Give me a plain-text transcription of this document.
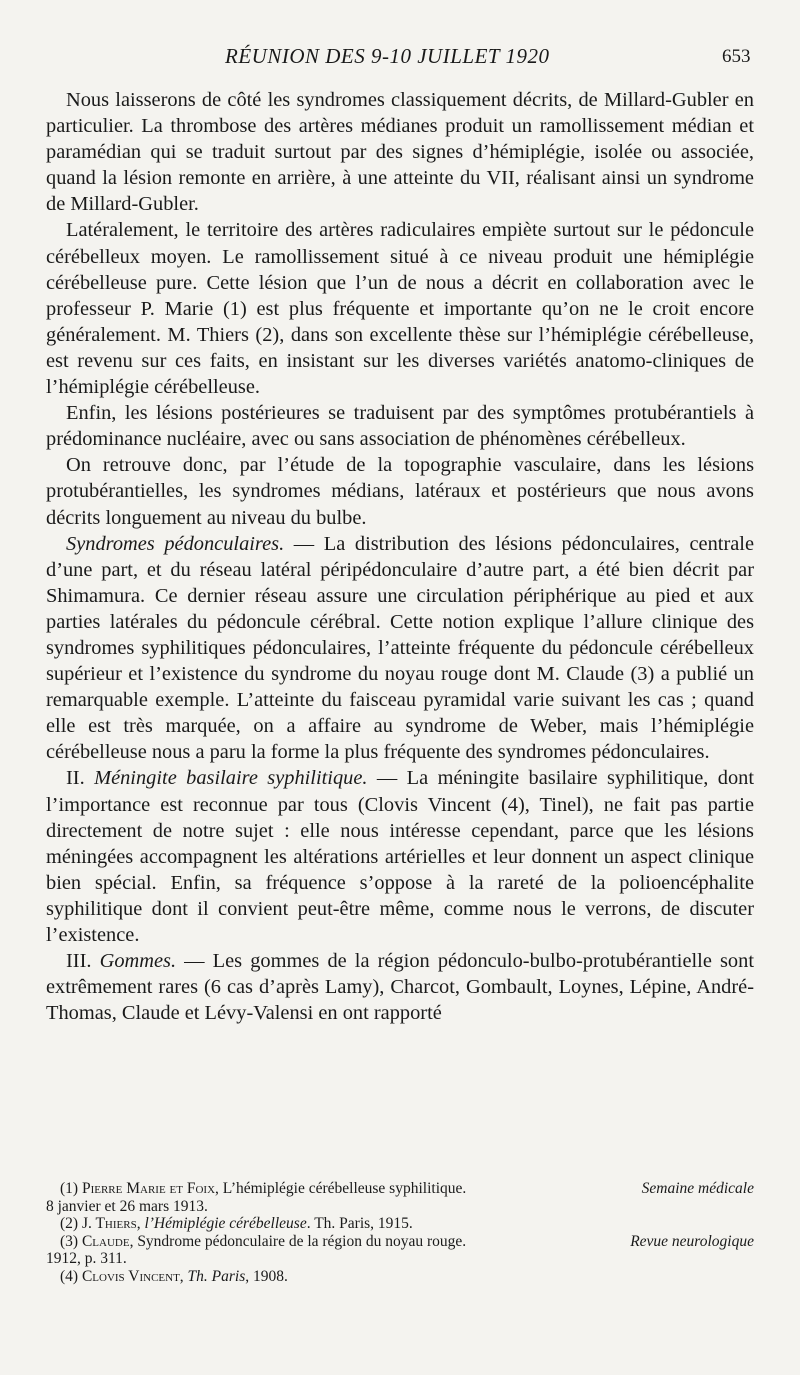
RÉUNION DES 9-10 JUILLET 1920	653

Nous laisserons de côté les syndromes classiquement décrits, de Millard-Gubler en particulier. La thrombose des artères médianes produit un ramollissement médian et paramédian qui se traduit surtout par des signes d’hémiplégie, isolée ou associée, quand la lésion remonte en arrière, à une atteinte du VII, réalisant ainsi un syndrome de Millard-Gubler.

Latéralement, le territoire des artères radiculaires empiète surtout sur le pédoncule cérébelleux moyen. Le ramollissement situé à ce niveau produit une hémiplégie cérébelleuse pure. Cette lésion que l’un de nous a décrit en collaboration avec le professeur P. Marie (1) est plus fréquente et importante qu’on ne le croit encore généralement. M. Thiers (2), dans son excellente thèse sur l’hémiplégie cérébelleuse, est revenu sur ces faits, en insistant sur les diverses variétés anatomo-cliniques de l’hémiplégie cérébelleuse.

Enfin, les lésions postérieures se traduisent par des symptômes protubérantiels à prédominance nucléaire, avec ou sans association de phénomènes cérébelleux.

On retrouve donc, par l’étude de la topographie vasculaire, dans les lésions protubérantielles, les syndromes médians, latéraux et postérieurs que nous avons décrits longuement au niveau du bulbe.

Syndromes pédonculaires. — La distribution des lésions pédonculaires, centrale d’une part, et du réseau latéral péripédonculaire d’autre part, a été bien décrit par Shimamura. Ce dernier réseau assure une circulation périphérique au pied et aux parties latérales du pédoncule cérébral. Cette notion explique l’allure clinique des syndromes syphilitiques pédonculaires, l’atteinte fréquente du pédoncule cérébelleux supérieur et l’existence du syndrome du noyau rouge dont M. Claude (3) a publié un remarquable exemple. L’atteinte du faisceau pyramidal varie suivant les cas ; quand elle est très marquée, on a affaire au syndrome de Weber, mais l’hémiplégie cérébelleuse nous a paru la forme la plus fréquente des syndromes pédonculaires.

II. Méningite basilaire syphilitique. — La méningite basilaire syphilitique, dont l’importance est reconnue par tous (Clovis Vincent (4), Tinel), ne fait pas partie directement de notre sujet : elle nous intéresse cependant, parce que les lésions méningées accompagnent les altérations artérielles et leur donnent un aspect clinique bien spécial. Enfin, sa fréquence s’oppose à la rareté de la polioencéphalite syphilitique dont il convient peut-être même, comme nous le verrons, de discuter l’existence.

III. Gommes. — Les gommes de la région pédonculo-bulbo-protubérantielle sont extrêmement rares (6 cas d’après Lamy), Charcot, Gombault, Loynes, Lépine, André-Thomas, Claude et Lévy-Valensi en ont rapporté

(1) Pierre Marie et Foix, L’hémiplégie cérébelleuse syphilitique.	Semaine médicale

8 janvier et 26 mars 1913.

(2) J. Thiers, l’Hémiplégie cérébelleuse. Th. Paris, 1915.

(3) Claude, Syndrome pédonculaire de la région du noyau rouge.	Revue neurologique

1912, p. 311.

(4) Clovis Vincent, Th. Paris, 1908.
